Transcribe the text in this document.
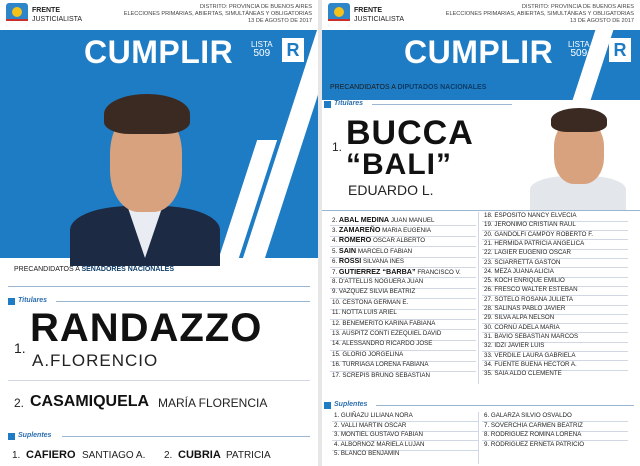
FRENTE
JUSTICIALISTA
DISTRITO: PROVINCIA DE BUENOS AIRES
ELECCIONES PRIMARIAS, ABIERTAS, SIMULTÁNEAS Y OBLIGATORIAS
13 DE AGOSTO DE 2017
CUMPLIR LISTA
509 R
PRECANDIDATOS A SENADORES NACIONALES
Titulares
1. RANDAZZO
A.FLORENCIO
2. CASAMIQUELA MARÍA FLORENCIA
Suplentes
1. CAFIERO SANTIAGO A. 2. CUBRIA PATRICIA
FRENTE
JUSTICIALISTA
DISTRITO: PROVINCIA DE BUENOS AIRES
ELECCIONES PRIMARIAS, ABIERTAS, SIMULTÁNEAS Y OBLIGATORIAS
13 DE AGOSTO DE 2017
CUMPLIR LISTA
509 R
PRECANDIDATOS A DIPUTADOS NACIONALES
Titulares
1. BUCCA
“BALI”
EDUARDO L.
2. ABAL MEDINA JUAN MANUEL
3. ZAMAREÑO MARIA EUGENIA
4. ROMERO OSCAR ALBERTO
5. SAIN MARCELO FABIAN
6. ROSSI SILVANA INES
7. GUTIERREZ “BARBA” FRANCISCO V.
8. D'ATTELLIS NOGUERA JUAN
9. VAZQUEZ SILVIA BEATRIZ
10. CESTONA GERMAN E.
11. NOTTA LUIS ARIEL
12. BENEMERITO KARINA FABIANA
13. AUSPITZ CONTI EZEQUIEL DAVID
14. ALESSANDRO RICARDO JOSE
15. GLORIO JORGELINA
16. TURRIAGA LORENA FABIANA
17. SCREPIS BRUNO SEBASTIAN
18. ESPOSITO NANCY ELVECIA
19. JERONIMO CRISTIAN RAUL
20. GANDOLFI CAMPOY ROBERTO F.
21. HERMIDA PATRICIA ANGELICA
22. LAGIER EUGENIO OSCAR
23. SCIARRETTA GASTON
24. MEZA JUANA ALICIA
25. KOCH ENRIQUE EMILIO
26. FRESCO WALTER ESTEBAN
27. SOTELO ROSANA JULIETA
28. SALINAS PABLO JAVIER
29. SILVA ALPA NELSON
30. CORNÚ ADELA MARIA
31. BAVIO SEBASTIAN MARCOS
32. IDZI JAVIER LUIS
33. VERDILE LAURA GABRIELA
34. FUENTE BUENA HECTOR A.
35. SAIA ALDO CLEMENTE
Suplentes
1. GUIÑAZU LILIANA NORA
2. VALLI MARTIN OSCAR
3. MONTIEL GUSTAVO FABIAN
4. ALBORNOZ MARIELA LUJAN
5. BLANCO BENJAMIN
6. GALARZA SILVIO OSVALDO
7. SOVERCHIA CARMEN BEATRIZ
8. RODRIGUEZ ROMINA LORENA
9. RODRIGUEZ ERNETA PATRICIO
